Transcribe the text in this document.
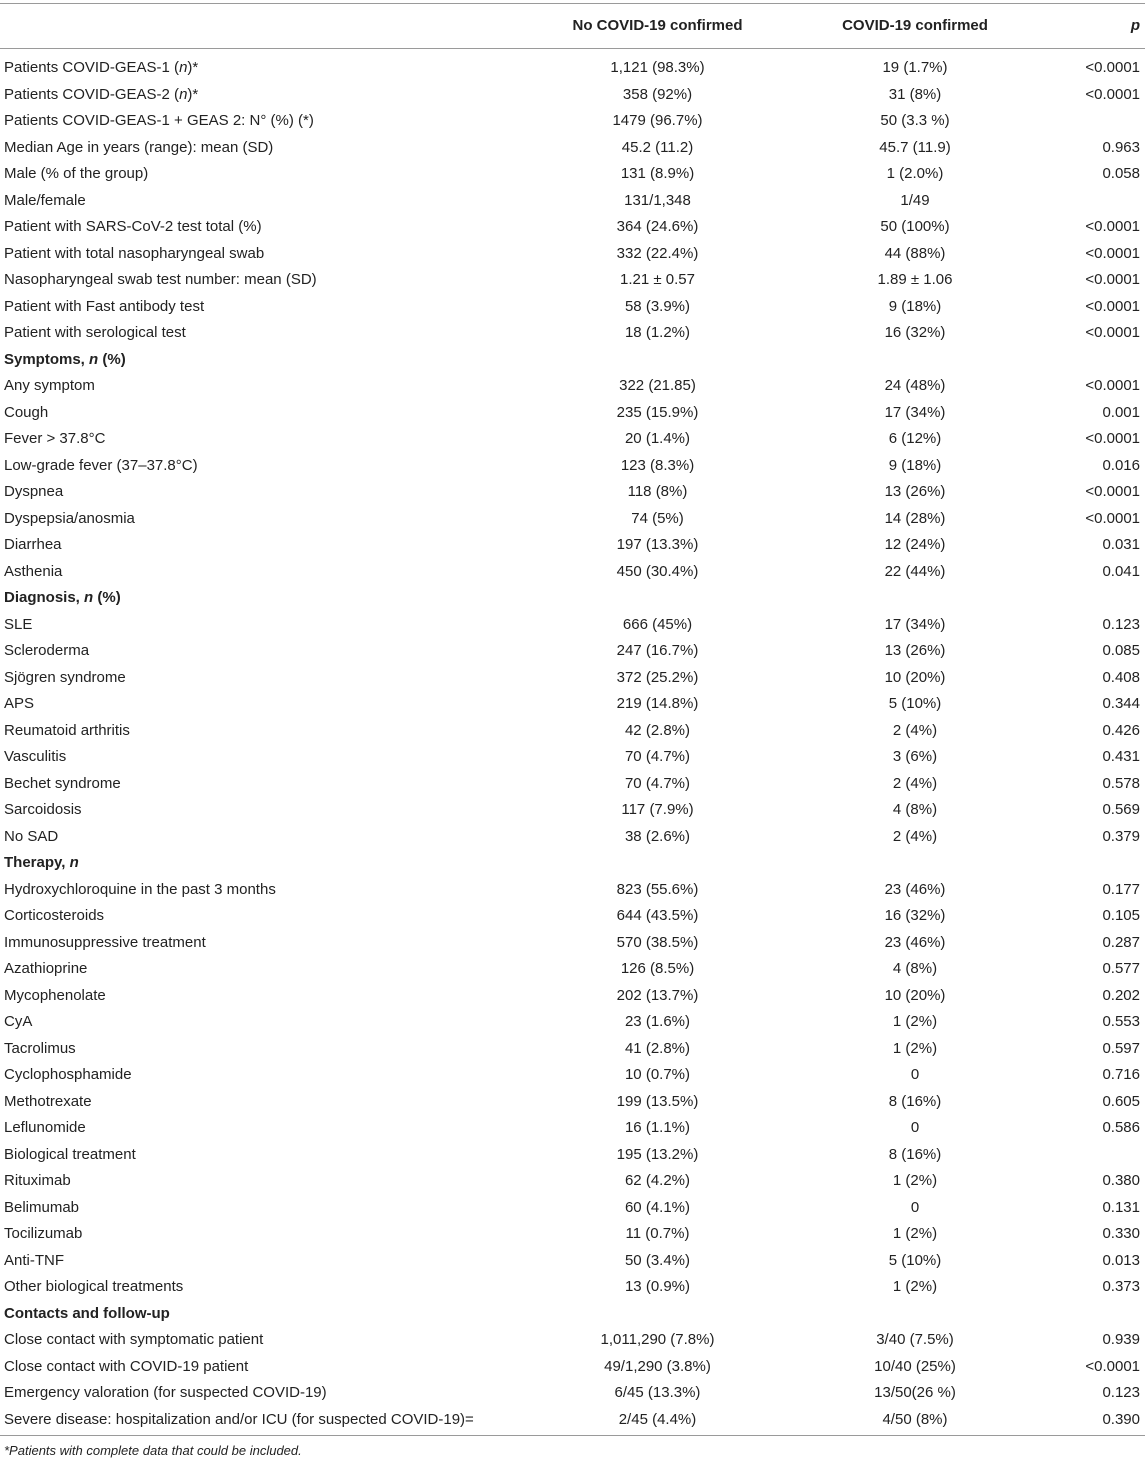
No COVID-19 confirmed	COVID-19 confirmed	p
Patients COVID-GEAS-1 (n)*	1,121 (98.3%)	19 (1.7%)	<0.0001
Patients COVID-GEAS-2 (n)*	358 (92%)	31 (8%)	<0.0001
Patients COVID-GEAS-1 + GEAS 2: N° (%) (*)	1479 (96.7%)	50 (3.3 %)
Median Age in years (range): mean (SD)	45.2 (11.2)	45.7 (11.9)	0.963
Male (% of the group)	131 (8.9%)	1 (2.0%)	0.058
Male/female	131/1,348	1/49
Patient with SARS-CoV-2 test total (%)	364 (24.6%)	50 (100%)	<0.0001
Patient with total nasopharyngeal swab	332 (22.4%)	44 (88%)	<0.0001
Nasopharyngeal swab test number: mean (SD)	1.21 ± 0.57	1.89 ± 1.06	<0.0001
Patient with Fast antibody test	58 (3.9%)	9 (18%)	<0.0001
Patient with serological test	18 (1.2%)	16 (32%)	<0.0001
Symptoms, n (%)
Any symptom	322 (21.85)	24 (48%)	<0.0001
Cough	235 (15.9%)	17 (34%)	0.001
Fever > 37.8°C	20 (1.4%)	6 (12%)	<0.0001
Low-grade fever (37–37.8°C)	123 (8.3%)	9 (18%)	0.016
Dyspnea	118 (8%)	13 (26%)	<0.0001
Dyspepsia/anosmia	74 (5%)	14 (28%)	<0.0001
Diarrhea	197 (13.3%)	12 (24%)	0.031
Asthenia	450 (30.4%)	22 (44%)	0.041
Diagnosis, n (%)
SLE	666 (45%)	17 (34%)	0.123
Scleroderma	247 (16.7%)	13 (26%)	0.085
Sjögren syndrome	372 (25.2%)	10 (20%)	0.408
APS	219 (14.8%)	5 (10%)	0.344
Reumatoid arthritis	42 (2.8%)	2 (4%)	0.426
Vasculitis	70 (4.7%)	3 (6%)	0.431
Bechet syndrome	70 (4.7%)	2 (4%)	0.578
Sarcoidosis	117 (7.9%)	4 (8%)	0.569
No SAD	38 (2.6%)	2 (4%)	0.379
Therapy, n
Hydroxychloroquine in the past 3 months	823 (55.6%)	23 (46%)	0.177
Corticosteroids	644 (43.5%)	16 (32%)	0.105
Immunosuppressive treatment	570 (38.5%)	23 (46%)	0.287
Azathioprine	126 (8.5%)	4 (8%)	0.577
Mycophenolate	202 (13.7%)	10 (20%)	0.202
CyA	23 (1.6%)	1 (2%)	0.553
Tacrolimus	41 (2.8%)	1 (2%)	0.597
Cyclophosphamide	10 (0.7%)	0	0.716
Methotrexate	199 (13.5%)	8 (16%)	0.605
Leflunomide	16 (1.1%)	0	0.586
Biological treatment	195 (13.2%)	8 (16%)
Rituximab	62 (4.2%)	1 (2%)	0.380
Belimumab	60 (4.1%)	0	0.131
Tocilizumab	11 (0.7%)	1 (2%)	0.330
Anti-TNF	50 (3.4%)	5 (10%)	0.013
Other biological treatments	13 (0.9%)	1 (2%)	0.373
Contacts and follow-up
Close contact with symptomatic patient	1,011,290 (7.8%)	3/40 (7.5%)	0.939
Close contact with COVID-19 patient	49/1,290 (3.8%)	10/40 (25%)	<0.0001
Emergency valoration (for suspected COVID-19)	6/45 (13.3%)	13/50(26 %)	0.123
Severe disease: hospitalization and/or ICU (for suspected COVID-19)=	2/45 (4.4%)	4/50 (8%)	0.390
*Patients with complete data that could be included.
